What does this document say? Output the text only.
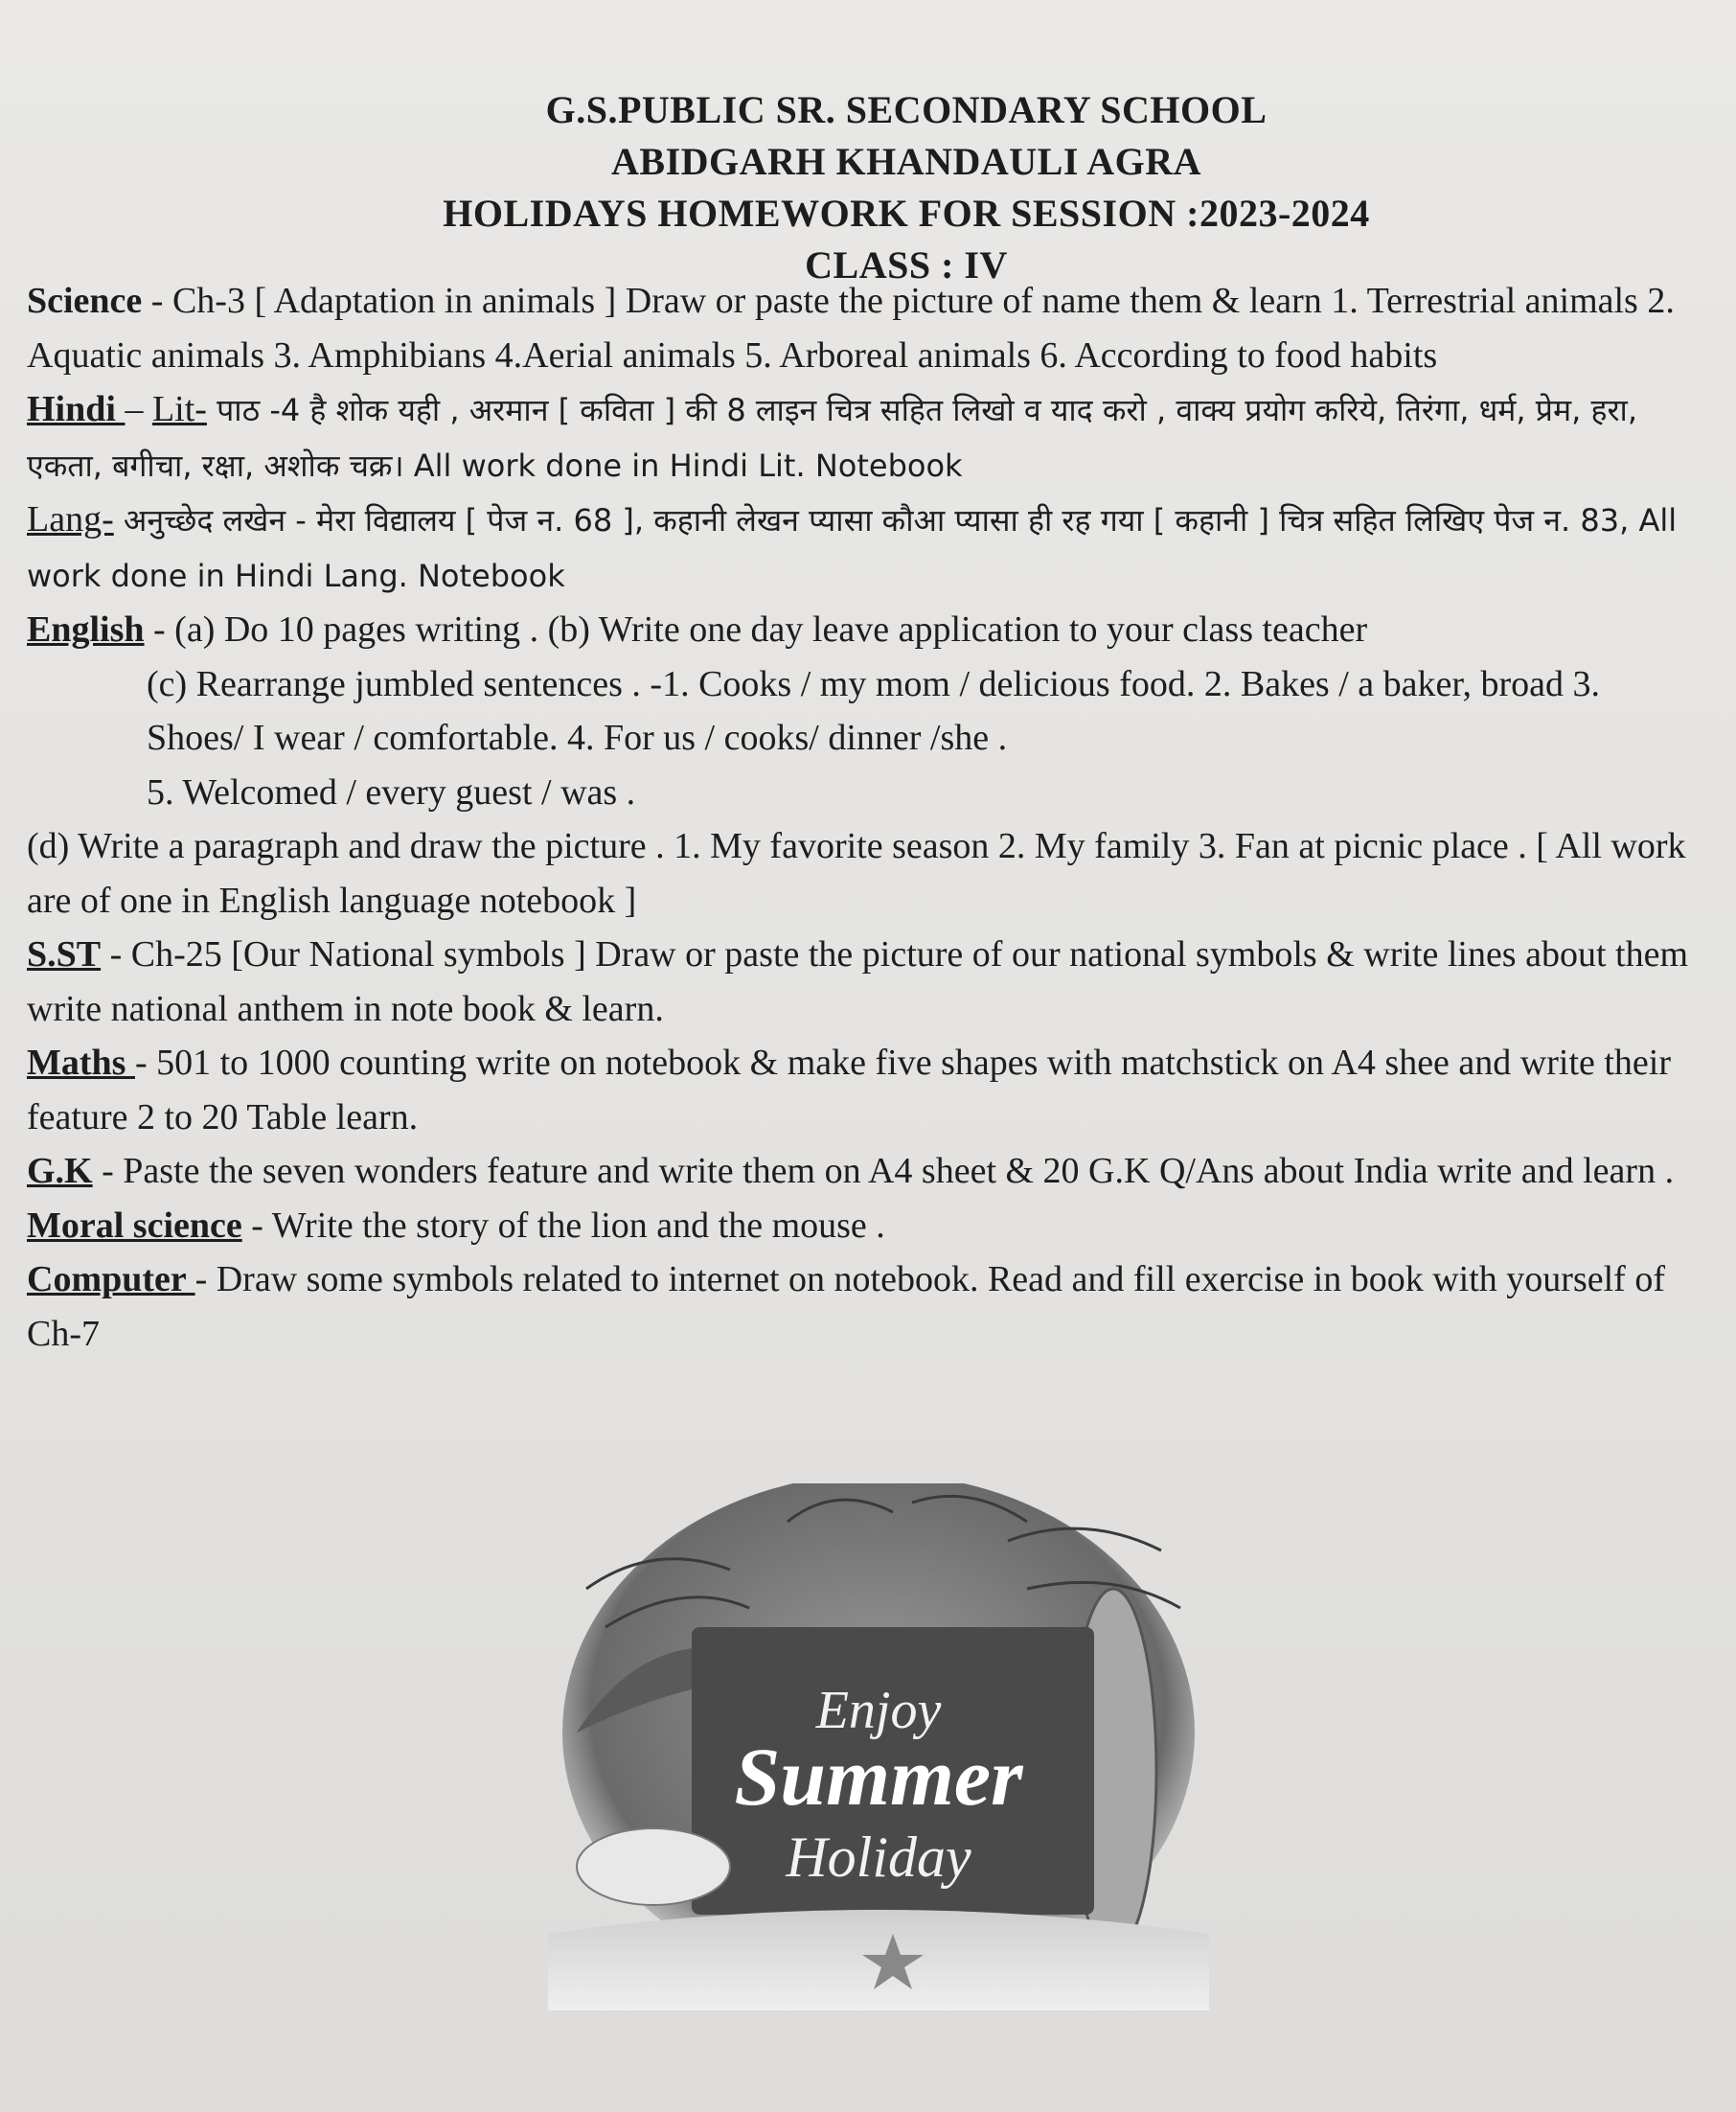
G.S.PUBLIC SR. SECONDARY SCHOOL
ABIDGARH KHANDAULI AGRA
HOLIDAYS HOMEWORK FOR SESSION :2023-2024
CLASS : IV

Science - Ch-3 [ Adaptation in animals ] Draw or paste the picture of name them & learn 1. Terrestrial animals 2. Aquatic animals 3. Amphibians 4.Aerial animals 5. Arboreal animals 6. According to food habits

Hindi – Lit- पाठ -4 है शोक यही , अरमान [ कविता ] की 8 लाइन चित्र सहित लिखो व याद करो , वाक्य प्रयोग करिये, तिरंगा, धर्म, प्रेम, हरा, एकता, बगीचा, रक्षा, अशोक चक्र। All work done in Hindi Lit. Notebook

Lang- अनुच्छेद लखेन - मेरा विद्यालय [ पेज न. 68 ], कहानी लेखन प्यासा कौआ प्यासा ही रह गया [ कहानी ] चित्र सहित लिखिए पेज न. 83, All work done in Hindi Lang. Notebook

English - (a) Do 10 pages writing . (b) Write one day leave application to your class teacher

(c) Rearrange jumbled sentences . -1. Cooks / my mom / delicious food. 2. Bakes / a baker, broad 3. Shoes/ I wear / comfortable. 4. For us / cooks/ dinner /she .

5. Welcomed / every guest / was .

(d) Write a paragraph and draw the picture . 1. My favorite season 2. My family 3. Fan at picnic place . [ All work are of one in English language notebook ]

S.ST - Ch-25 [Our National symbols ] Draw or paste the picture of our national symbols & write lines about them write national anthem in note book & learn.

Maths - 501 to 1000 counting write on notebook & make five shapes with matchstick on A4 shee and write their feature 2 to 20 Table learn.

G.K - Paste the seven wonders feature and write them on A4 sheet & 20 G.K Q/Ans about India write and learn .

Moral science - Write the story of the lion and the mouse .

Computer - Draw some symbols related to internet on notebook. Read and fill exercise in book with yourself of Ch-7

Enjoy
Summer
Holiday
